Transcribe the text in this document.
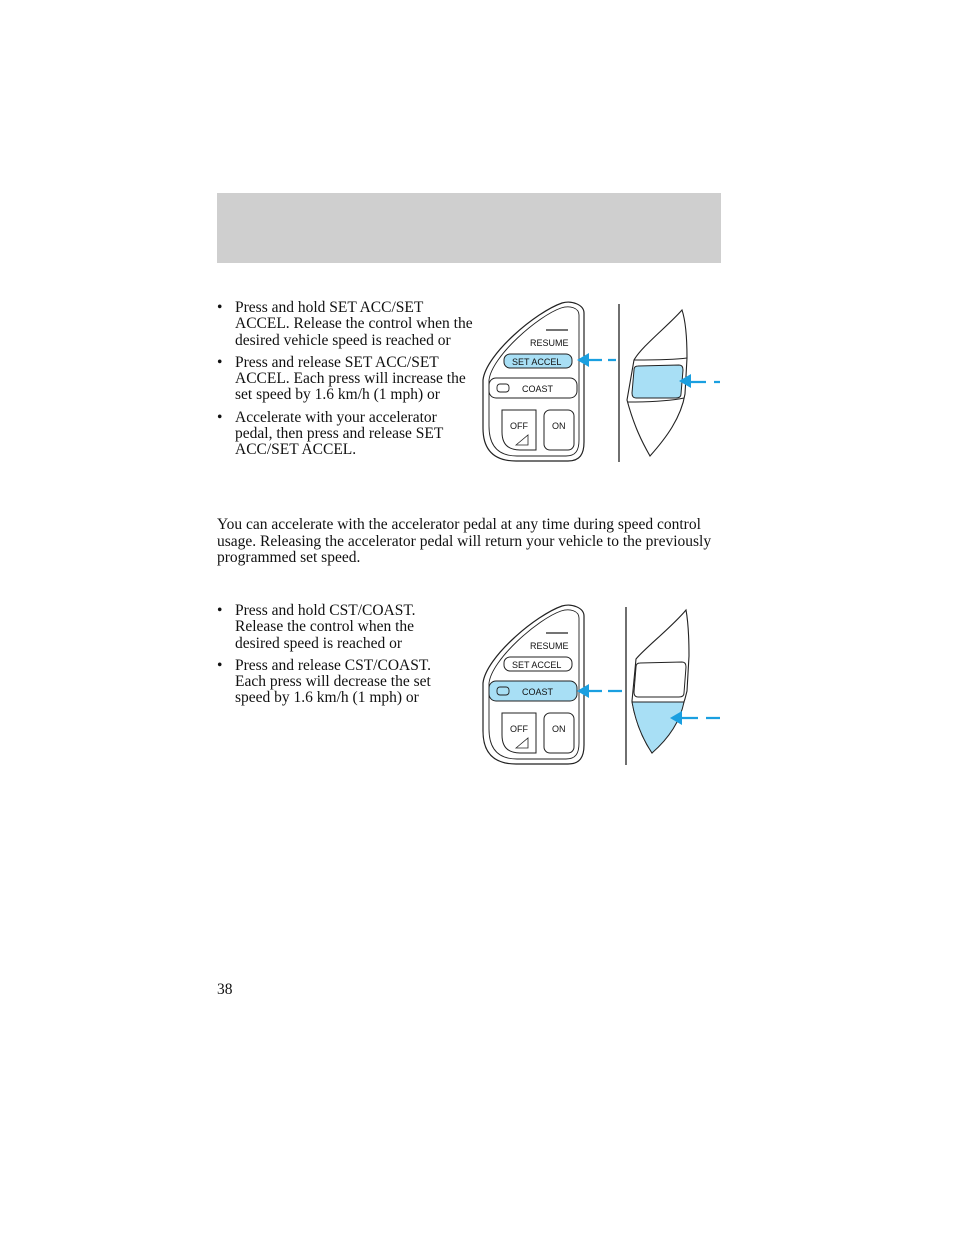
• Press and hold SET ACC/SET ACCEL. Release the control when the desired vehicle speed is reached or
• Press and release SET ACC/SET ACCEL. Each press will increase the set speed by 1.6 km/h (1 mph) or
• Accelerate with your accelerator pedal, then press and release SET ACC/SET ACCEL.
RESUME
SET ACCEL
COAST
OFF	ON

You can accelerate with the accelerator pedal at any time during speed control usage. Releasing the accelerator pedal will return your vehicle to the previously programmed set speed.

• Press and hold CST/COAST. Release the control when the desired speed is reached or
• Press and release CST/COAST. Each press will decrease the set speed by 1.6 km/h (1 mph) or
RESUME
SET ACCEL
COAST
OFF	ON
38
